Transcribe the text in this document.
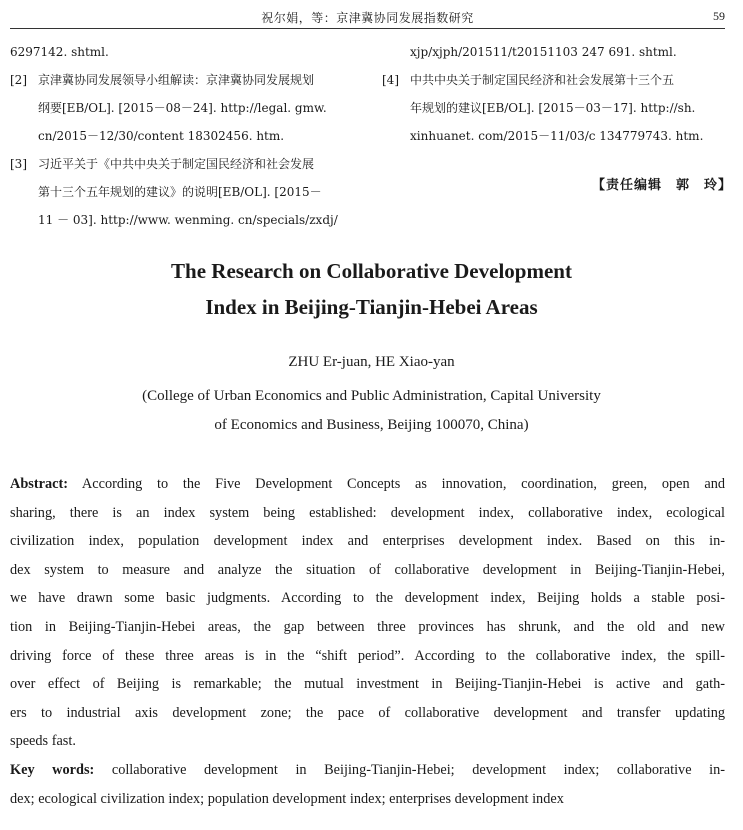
祝尔娟，等：京津冀协同发展指数研究	59
6297142. shtml.
[2] 京津冀协同发展领导小组解读：京津冀协同发展规划
纲要[EB/OL]. [2015－08－24]. http://legal. gmw.
cn/2015－12/30/content 18302456. htm.
[3] 习近平关于《中共中央关于制定国民经济和社会发展
第十三个五年规划的建议》的说明[EB/OL]. [2015－
11 － 03]. http://www. wenming. cn/specials/zxdj/
xjp/xjph/201511/t20151103 247 691. shtml.
[4] 中共中央关于制定国民经济和社会发展第十三个五
年规划的建议[EB/OL]. [2015－03－17]. http://sh.
xinhuanet. com/2015－11/03/c 134779743. htm.
【责任编辑　郭　玲】
The Research on Collaborative Development
Index in Beijing-Tianjin-Hebei Areas
ZHU Er-juan, HE Xiao-yan
(College of Urban Economics and Public Administration, Capital University
of Economics and Business, Beijing 100070, China)
Abstract: According to the Five Development Concepts as innovation, coordination, green, open and
sharing, there is an index system being established: development index, collaborative index, ecological
civilization index, population development index and enterprises development index. Based on this in-
dex system to measure and analyze the situation of collaborative development in Beijing-Tianjin-Hebei,
we have drawn some basic judgments. According to the development index, Beijing holds a stable posi-
tion in Beijing-Tianjin-Hebei areas, the gap between three provinces has shrunk, and the old and new
driving force of these three areas is in the “shift period”. According to the collaborative index, the spill-
over effect of Beijing is remarkable; the mutual investment in Beijing-Tianjin-Hebei is active and gath-
ers to industrial axis development zone; the pace of collaborative development and transfer updating
speeds fast.
Key words: collaborative development in Beijing-Tianjin-Hebei; development index; collaborative in-
dex; ecological civilization index; population development index; enterprises development index
